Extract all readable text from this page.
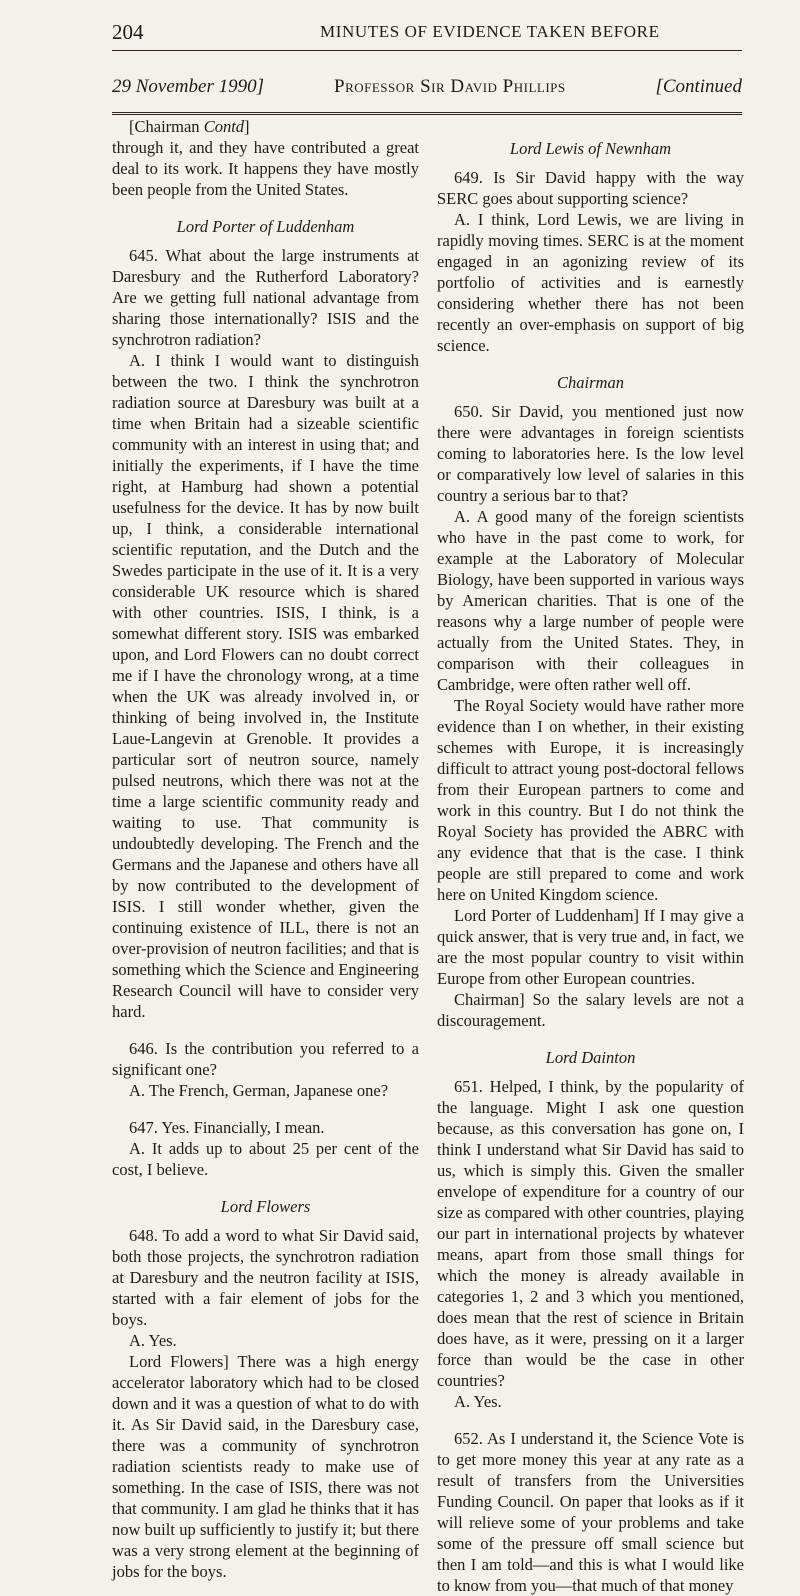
204	MINUTES OF EVIDENCE TAKEN BEFORE
29 November 1990]	Professor Sir David Phillips	[Continued

[Chairman Contd]

through it, and they have contributed a great deal to its work. It happens they have mostly been people from the United States.

Lord Porter of Luddenham

645. What about the large instruments at Daresbury and the Rutherford Laboratory? Are we getting full national advantage from sharing those internationally? ISIS and the synchrotron radiation?

A. I think I would want to distinguish between the two. I think the synchrotron radiation source at Daresbury was built at a time when Britain had a sizeable scientific community with an interest in using that; and initially the experiments, if I have the time right, at Hamburg had shown a potential usefulness for the device. It has by now built up, I think, a considerable international scientific reputation, and the Dutch and the Swedes participate in the use of it. It is a very considerable UK resource which is shared with other countries. ISIS, I think, is a somewhat different story. ISIS was embarked upon, and Lord Flowers can no doubt correct me if I have the chronology wrong, at a time when the UK was already involved in, or thinking of being involved in, the Institute Laue-Langevin at Grenoble. It provides a particular sort of neutron source, namely pulsed neutrons, which there was not at the time a large scientific community ready and waiting to use. That community is undoubtedly developing. The French and the Germans and the Japanese and others have all by now contributed to the development of ISIS. I still wonder whether, given the continuing existence of ILL, there is not an over-provision of neutron facilities; and that is something which the Science and Engineering Research Council will have to consider very hard.

646. Is the contribution you referred to a significant one?

A. The French, German, Japanese one?

647. Yes. Financially, I mean.

A. It adds up to about 25 per cent of the cost, I believe.

Lord Flowers

648. To add a word to what Sir David said, both those projects, the synchrotron radiation at Daresbury and the neutron facility at ISIS, started with a fair element of jobs for the boys.

A. Yes.

Lord Flowers] There was a high energy accelerator laboratory which had to be closed down and it was a question of what to do with it. As Sir David said, in the Daresbury case, there was a community of synchrotron radiation scientists ready to make use of something. In the case of ISIS, there was not that community. I am glad he thinks that it has now built up sufficiently to justify it; but there was a very strong element at the beginning of jobs for the boys.

Lord Lewis of Newnham

649. Is Sir David happy with the way SERC goes about supporting science?

A. I think, Lord Lewis, we are living in rapidly moving times. SERC is at the moment engaged in an agonizing review of its portfolio of activities and is earnestly considering whether there has not been recently an over-emphasis on support of big science.

Chairman

650. Sir David, you mentioned just now there were advantages in foreign scientists coming to laboratories here. Is the low level or comparatively low level of salaries in this country a serious bar to that?

A. A good many of the foreign scientists who have in the past come to work, for example at the Laboratory of Molecular Biology, have been supported in various ways by American charities. That is one of the reasons why a large number of people were actually from the United States. They, in comparison with their colleagues in Cambridge, were often rather well off.

The Royal Society would have rather more evidence than I on whether, in their existing schemes with Europe, it is increasingly difficult to attract young post-doctoral fellows from their European partners to come and work in this country. But I do not think the Royal Society has provided the ABRC with any evidence that that is the case. I think people are still prepared to come and work here on United Kingdom science.

Lord Porter of Luddenham] If I may give a quick answer, that is very true and, in fact, we are the most popular country to visit within Europe from other European countries.

Chairman] So the salary levels are not a discouragement.

Lord Dainton

651. Helped, I think, by the popularity of the language. Might I ask one question because, as this conversation has gone on, I think I understand what Sir David has said to us, which is simply this. Given the smaller envelope of expenditure for a country of our size as compared with other countries, playing our part in international projects by whatever means, apart from those small things for which the money is already available in categories 1, 2 and 3 which you mentioned, does mean that the rest of science in Britain does have, as it were, pressing on it a larger force than would be the case in other countries?

A. Yes.

652. As I understand it, the Science Vote is to get more money this year at any rate as a result of transfers from the Universities Funding Council. On paper that looks as if it will relieve some of your problems and take some of the pressure off small science but then I am told—and this is what I would like to know from you—that much of that money
